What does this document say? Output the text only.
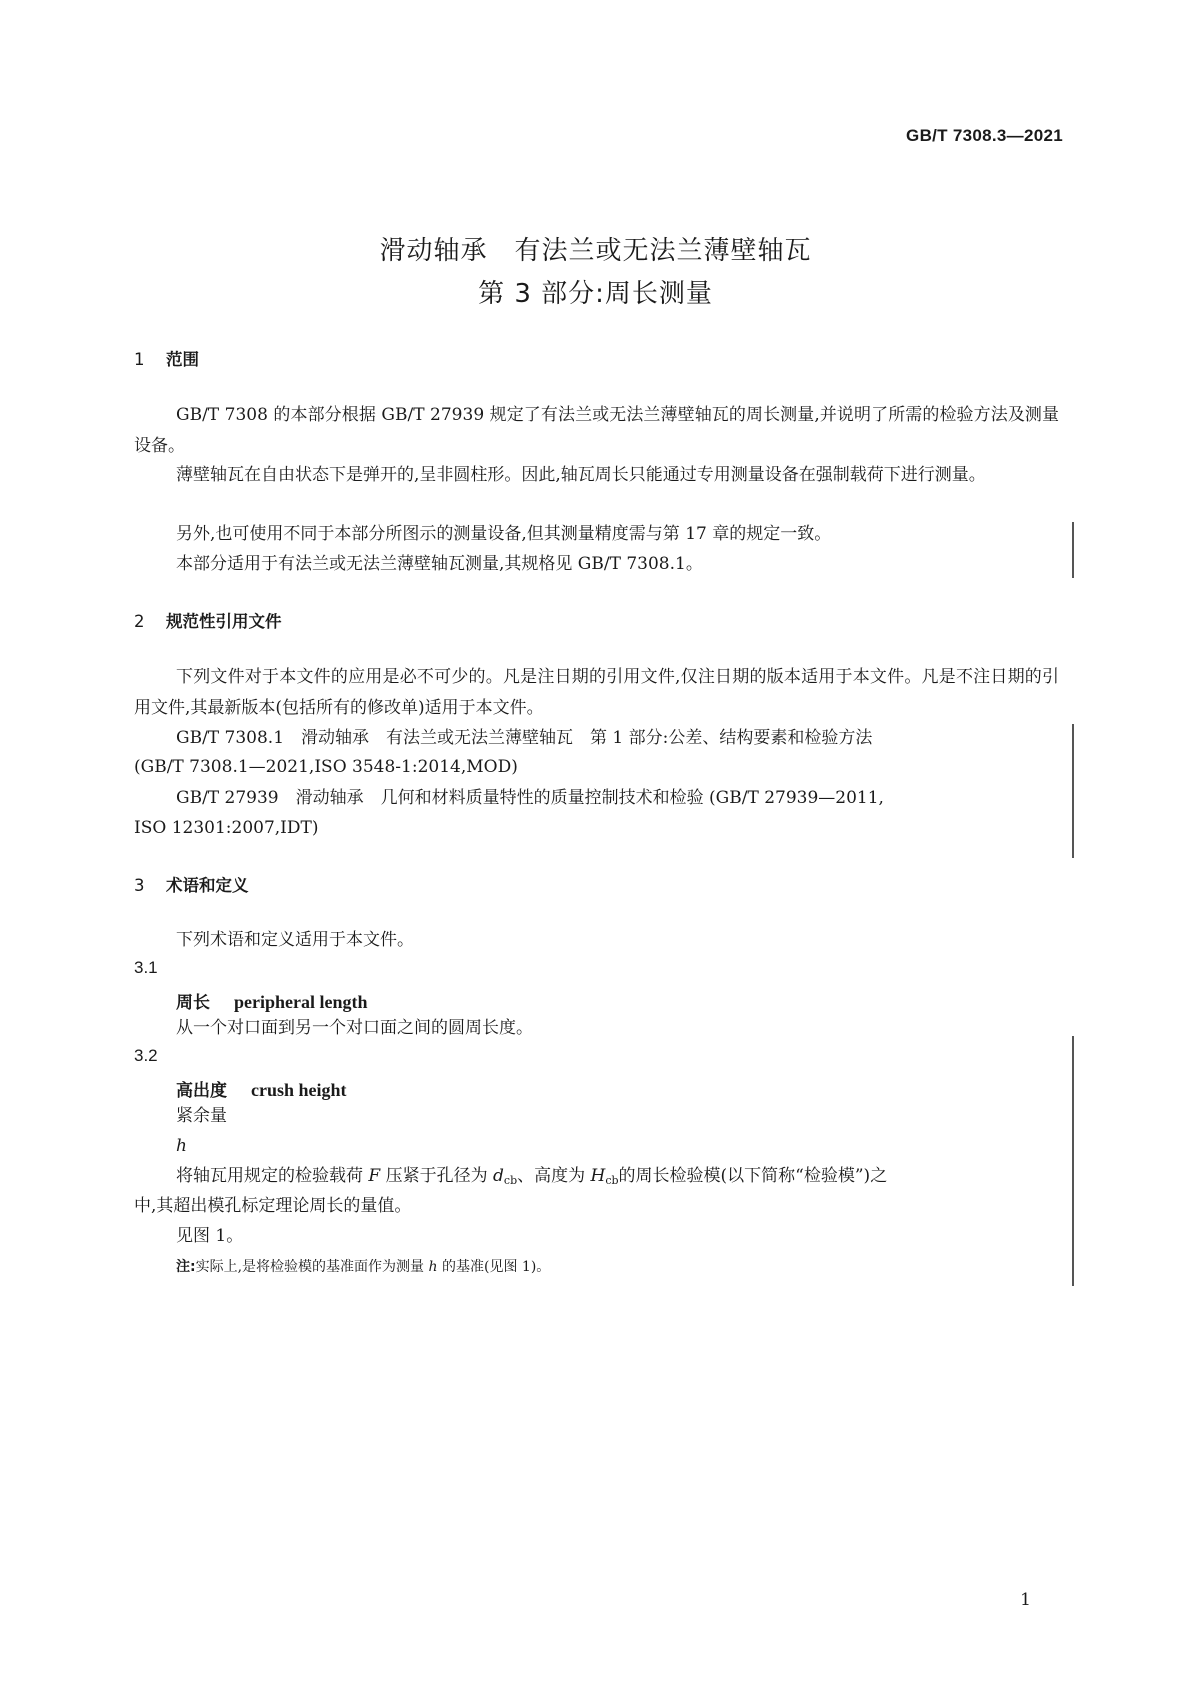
GB/T 7308.3—2021
滑动轴承　有法兰或无法兰薄壁轴瓦
第 3 部分:周长测量
1 范围
GB/T 7308 的本部分根据 GB/T 27939 规定了有法兰或无法兰薄壁轴瓦的周长测量,并说明了所需的检验方法及测量设备。
薄壁轴瓦在自由状态下是弹开的,呈非圆柱形。因此,轴瓦周长只能通过专用测量设备在强制载荷下进行测量。
另外,也可使用不同于本部分所图示的测量设备,但其测量精度需与第 17 章的规定一致。
本部分适用于有法兰或无法兰薄壁轴瓦测量,其规格见 GB/T 7308.1。
2 规范性引用文件
下列文件对于本文件的应用是必不可少的。凡是注日期的引用文件,仅注日期的版本适用于本文件。凡是不注日期的引用文件,其最新版本(包括所有的修改单)适用于本文件。
GB/T 7308.1　滑动轴承　有法兰或无法兰薄壁轴瓦　第 1 部分:公差、结构要素和检验方法
(GB/T 7308.1—2021,ISO 3548-1:2014,MOD)
GB/T 27939　滑动轴承　几何和材料质量特性的质量控制技术和检验 (GB/T 27939—2011,
ISO 12301:2007,IDT)
3 术语和定义
下列术语和定义适用于本文件。
3.1
周长 peripheral length
从一个对口面到另一个对口面之间的圆周长度。
3.2
高出度 crush height
紧余量
h
将轴瓦用规定的检验载荷 F 压紧于孔径为 $d_{cb}$、高度为 $H_{cb}$的周长检验模(以下简称“检验模”)之
中,其超出模孔标定理论周长的量值。
见图 1。
注:实际上,是将检验模的基准面作为测量 h 的基准(见图 1)。
1
